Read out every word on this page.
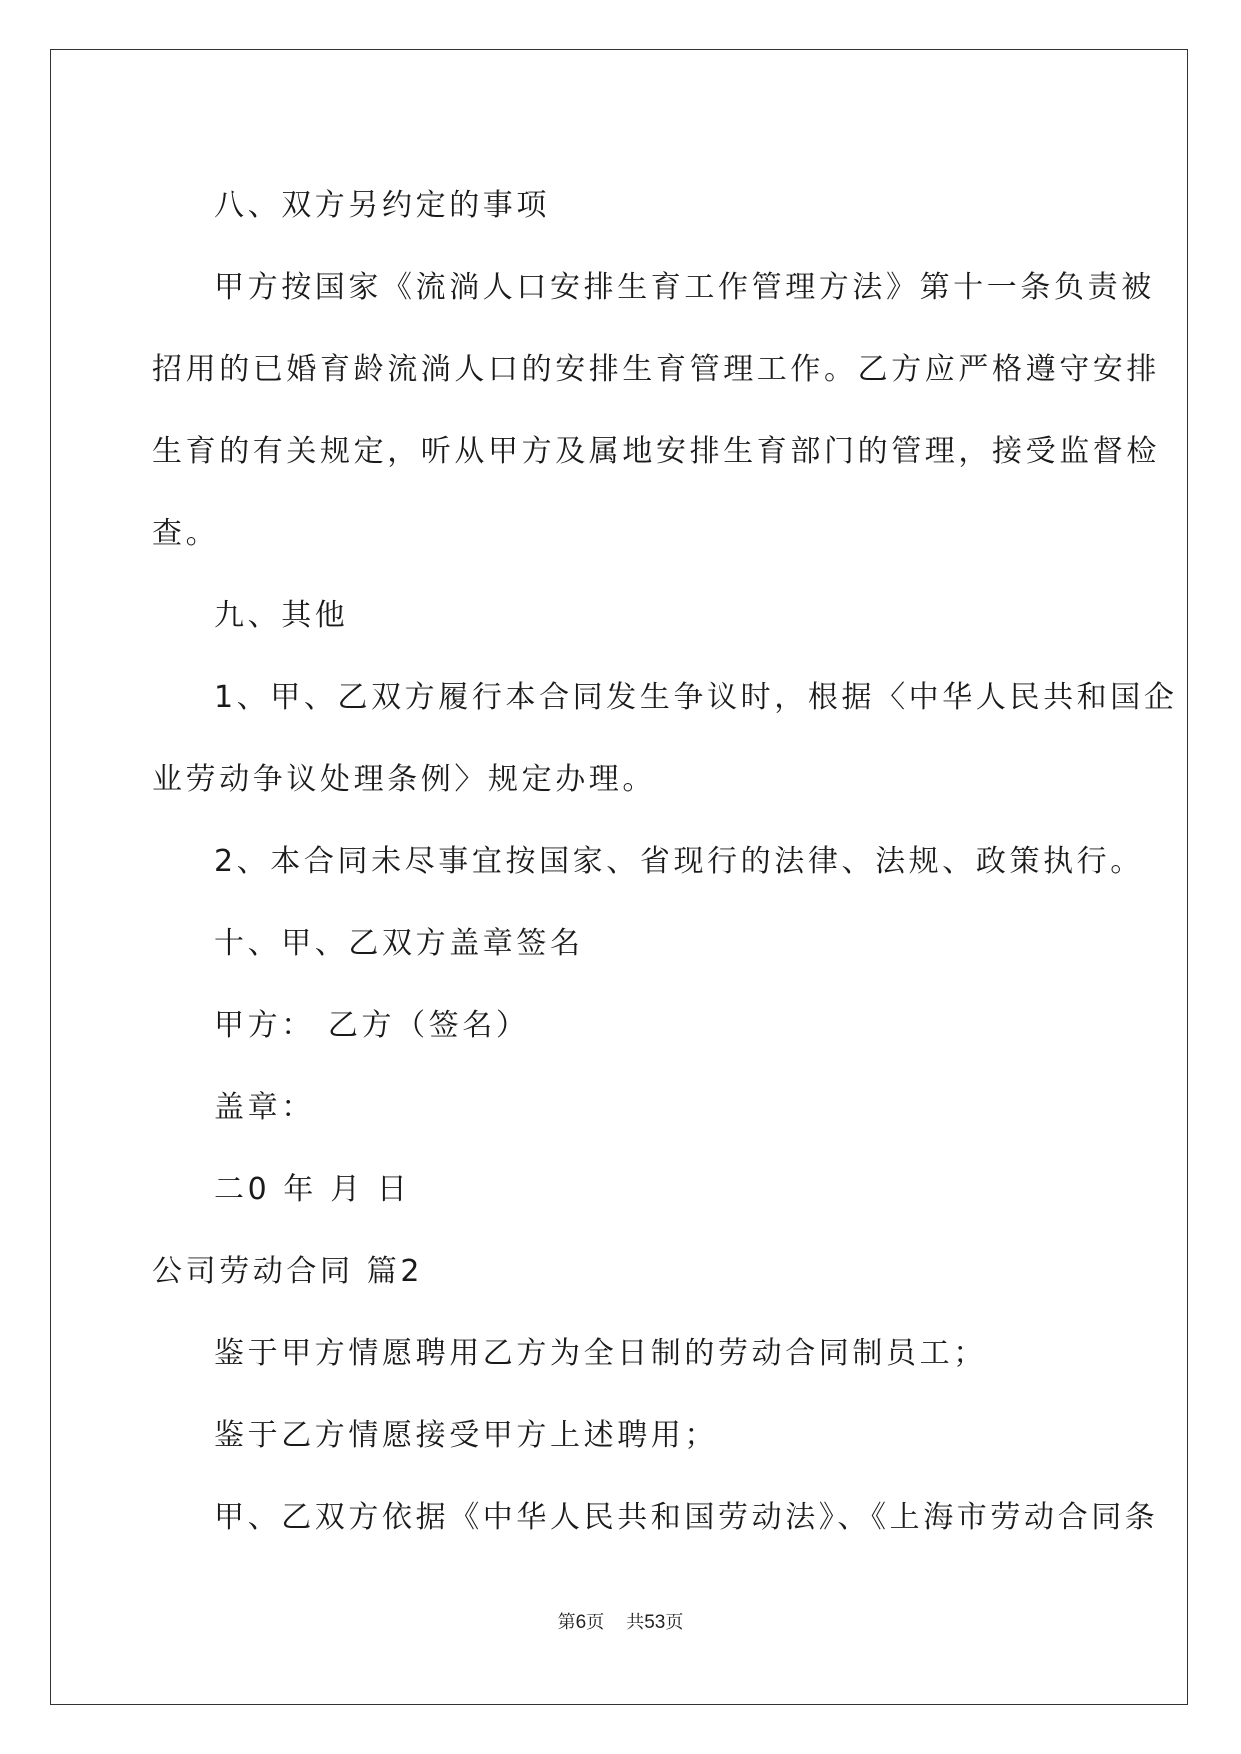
八、双方另约定的事项
甲方按国家《流淌人口安排生育工作管理方法》第十一条负责被
招用的已婚育龄流淌人口的安排生育管理工作。乙方应严格遵守安排
生育的有关规定，听从甲方及属地安排生育部门的管理，接受监督检
查。
九、其他
1、甲、乙双方履行本合同发生争议时，根据〈中华人民共和国企
业劳动争议处理条例〉规定办理。
2、本合同未尽事宜按国家、省现行的法律、法规、政策执行。
十、甲、乙双方盖章签名
甲方： 乙方（签名）
盖章：
二0 年 月 日
公司劳动合同 篇2
鉴于甲方情愿聘用乙方为全日制的劳动合同制员工；
鉴于乙方情愿接受甲方上述聘用；
甲、乙双方依据《中华人民共和国劳动法》、《上海市劳动合同条
第6页 共53页
